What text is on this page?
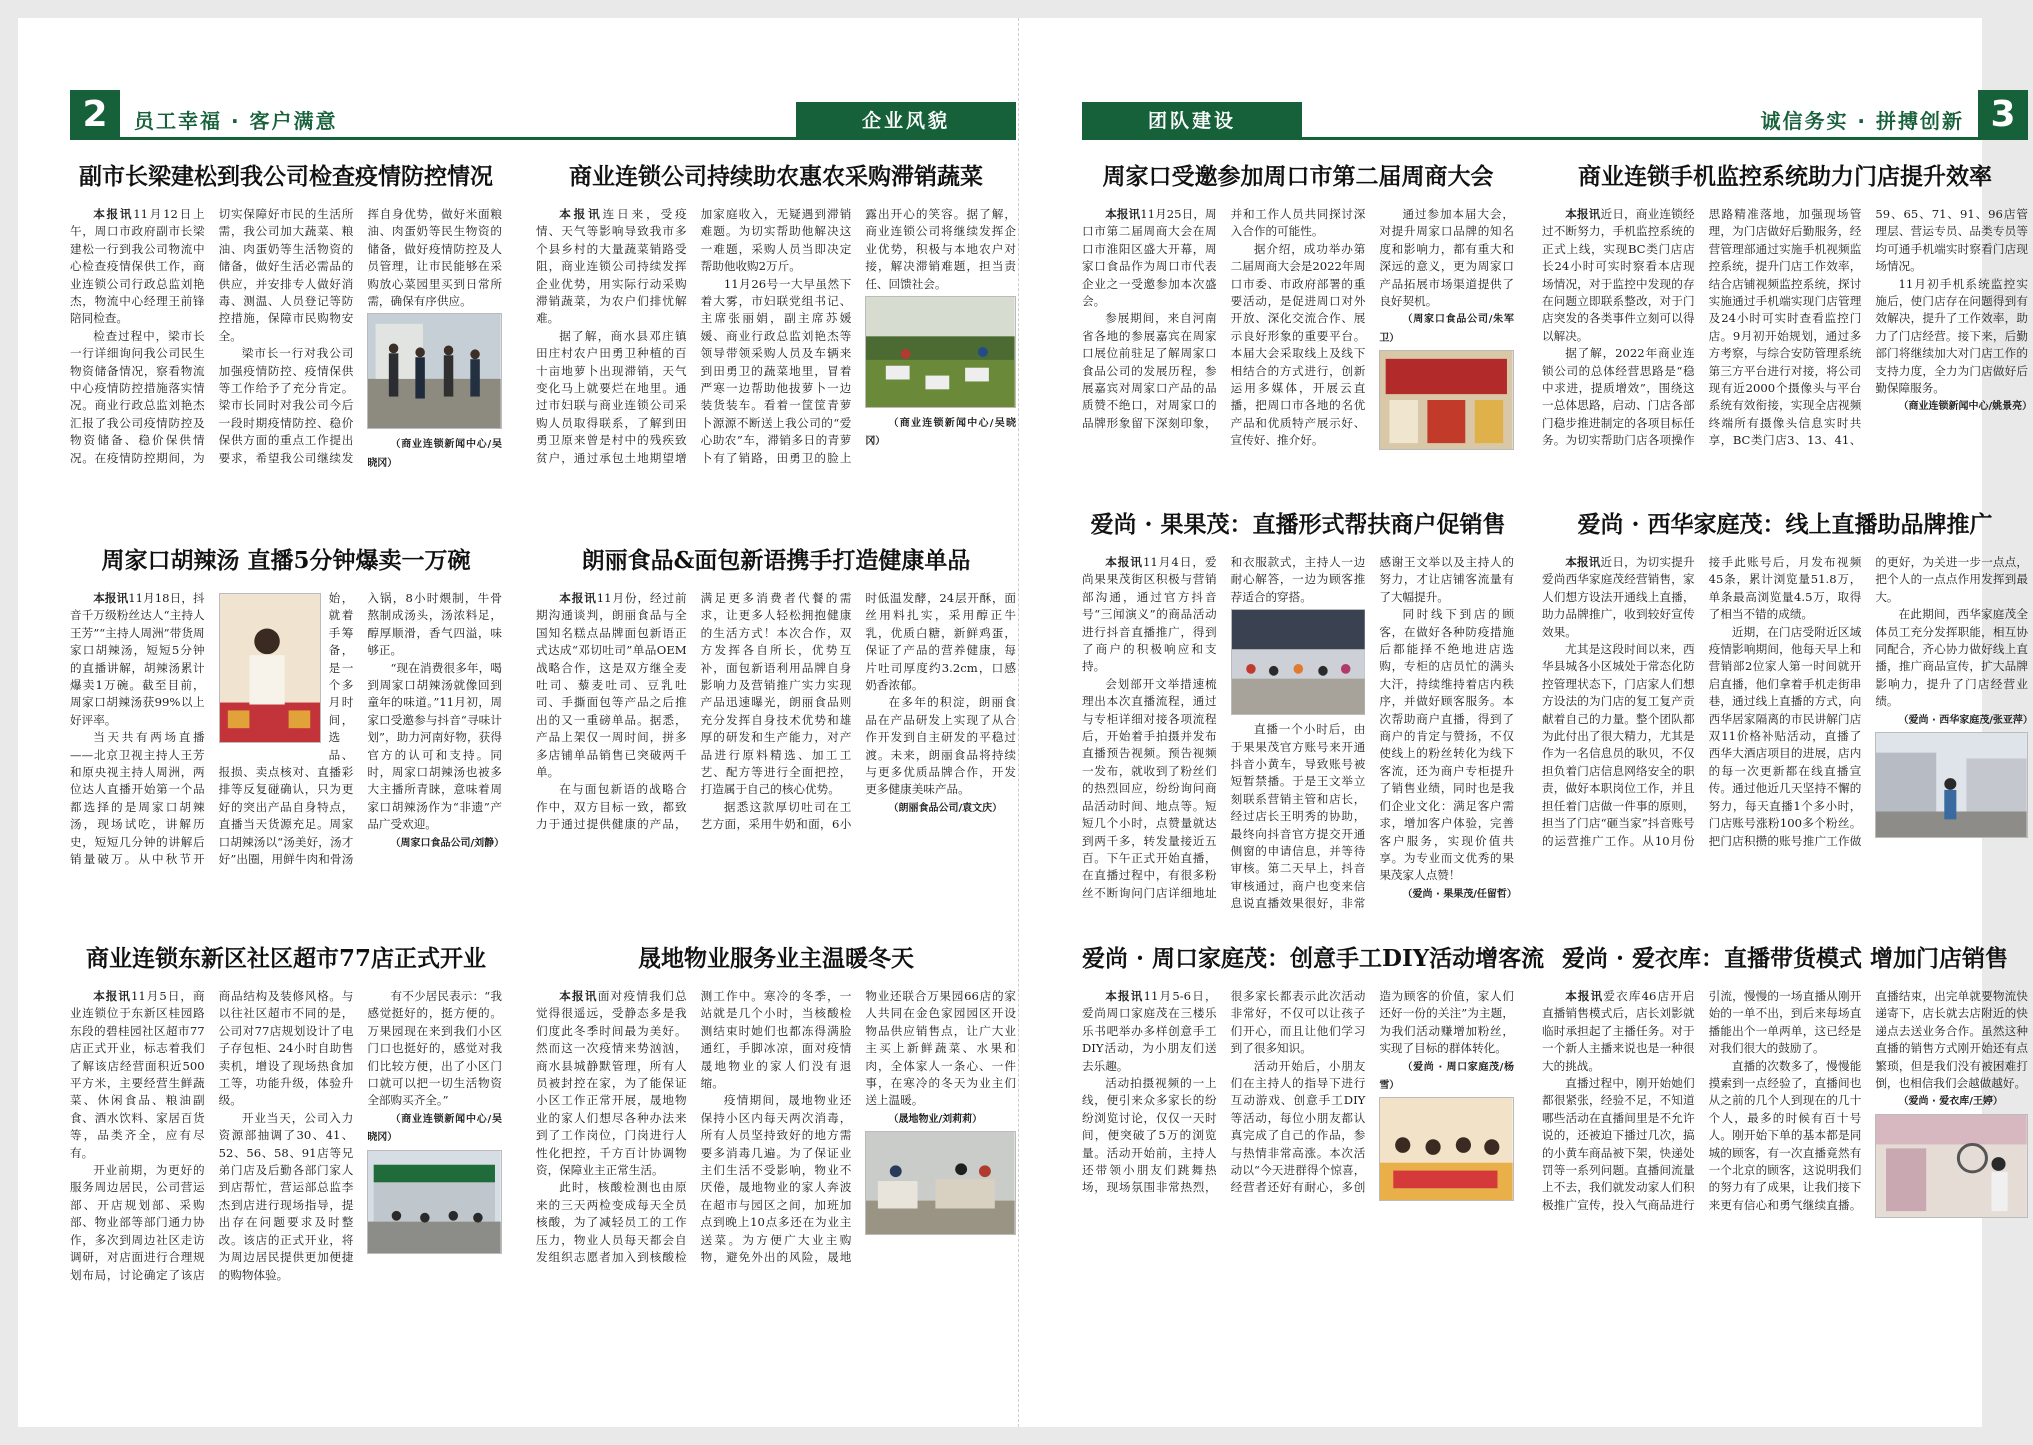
2	员工幸福 · 客户满意	企业风貌
副市长梁建松到我公司检查疫情防控情况

本报讯11月12日上午，周口市政府副市长梁建松一行到我公司物流中心检查疫情保供工作，商业连锁公司行政总监刘艳杰，物流中心经理王前锋陪同检查。

检查过程中，梁市长一行详细询问我公司民生物资储备情况，察看物流中心疫情防控措施落实情况。商业行政总监刘艳杰汇报了我公司疫情防控及物资储备、稳价保供情况。在疫情防控期间，为切实保障好市民的生活所需，我公司加大蔬菜、粮油、肉蛋奶等生活物资的储备，做好生活必需品的供应，并安排专人做好消毒、测温、人员登记等防控措施，保障市民购物安全。

梁市长一行对我公司加强疫情防控、疫情保供等工作给予了充分肯定。梁市长同时对我公司今后一段时期疫情防控、稳价保供方面的重点工作提出要求，希望我公司继续发挥自身优势，做好米面粮油、肉蛋奶等民生物资的储备，做好疫情防控及人员管理，让市民能够在采购放心菜园里买到日常所需，确保有序供应。

（商业连锁新闻中心/吴晓冈）

商业连锁公司持续助农惠农采购滞销蔬菜

本报讯连日来，受疫情、天气等影响导致我市多个县乡村的大量蔬菜销路受阻，商业连锁公司持续发挥企业优势，用实际行动采购滞销蔬菜，为农户们排忧解难。

据了解，商水县邓庄镇田庄村农户田勇卫种植的百十亩地萝卜出现滞销，天气变化马上就要烂在地里。通过市妇联与商业连锁公司采购人员取得联系，了解到田勇卫原来曾是村中的残疾致贫户，通过承包土地期望增加家庭收入，无疑遇到滞销难题。为切实帮助他解决这一难题，采购人员当即决定帮助他收购2万斤。

11月26号一大早虽然下着大雾，市妇联党组书记、主席张丽娟，副主席苏媛媛、商业行政总监刘艳杰等领导带领采购人员及车辆来到田勇卫的蔬菜地里，冒着严寒一边帮助他拔萝卜一边装货装车。看着一筐筐青萝卜源源不断送上我公司的“爱心助农”车，滞销多日的青萝卜有了销路，田勇卫的脸上露出开心的笑容。据了解，商业连锁公司将继续发挥企业优势，积极与本地农户对接，解决滞销难题，担当责任、回馈社会。

（商业连锁新闻中心/吴晓冈）

周家口胡辣汤 直播5分钟爆卖一万碗

本报讯11月18日，抖音千万级粉丝达人“主持人王芳”“主持人周洲”带货周家口胡辣汤，短短5分钟的直播讲解，胡辣汤累计爆卖1万碗。截至目前，周家口胡辣汤获99%以上好评率。

当天共有两场直播——北京卫视主持人王芳和原央视主持人周洲，两位达人直播开始第一个品都选择的是周家口胡辣汤，现场试吃，讲解历史，短短几分钟的讲解后销量破万。从中秋节开始，就着手筹备，是一个多月时间，选品、报损、卖点核对、直播彩排等反复碰确认，只为更好的突出产品自身特点，直播当天货源充足。周家口胡辣汤以“汤美好，汤才好”出圈，用鲜牛肉和骨汤入锅，8小时煨制，牛骨熬制成汤头，汤浓料足，醇厚顺滑，香气四溢，味够正。

“现在消费很多年，喝到周家口胡辣汤就像回到童年的味道。”11月初，周家口受邀参与抖音“寻味计划”，助力河南好物，获得官方的认可和支持。同时，周家口胡辣汤也被多大主播所青睐，意味着周家口胡辣汤作为“非遗”产品广受欢迎。

（周家口食品公司/刘静）

朗丽食品&面包新语携手打造健康单品

本报讯11月份，经过前期沟通谈判，朗丽食品与全国知名糕点品牌面包新语正式达成“邓切吐司”单品OEM战略合作，这是双方继全麦吐司、藜麦吐司、豆乳吐司、手撕面包等产品之后推出的又一重磅单品。据悉，产品上架仅一周时间，拼多多店铺单品销售已突破两千单。

在与面包新语的战略合作中，双方目标一致，都致力于通过提供健康的产品，满足更多消费者代餐的需求，让更多人轻松拥抱健康的生活方式！本次合作，双方发挥各自所长，优势互补，面包新语利用品牌自身影响力及营销推广实力实现产品迅速曝光，朗丽食品则充分发挥自身技术优势和雄厚的研发和生产能力，对产品进行原料精选、加工工艺、配方等进行全面把控，打造属于自己的核心优势。

据悉这款厚切吐司在工艺方面，采用牛奶和面，6小时低温发酵，24层开酥，面丝用料扎实，采用醇正牛乳，优质白糖，新鲜鸡蛋，保证了产品的营养健康，每片吐司厚度约3.2cm，口感奶香浓郁。

在多年的积淀，朗丽食品在产品研发上实现了从合作开发到自主研发的平稳过渡。未来，朗丽食品将持续与更多优质品牌合作，开发更多健康美味产品。

（朗丽食品公司/袁文庆）

商业连锁东新区社区超市77店正式开业

本报讯11月5日，商业连锁位于东新区桂园路东段的碧桂园社区超市77店正式开业，标志着我们了解该店经营面积近500平方米，主要经营生鲜蔬菜、休闲食品、粮油副食、酒水饮料、家居百货等，品类齐全，应有尽有。

开业前期，为更好的服务周边居民，公司营运部、开店规划部、采购部、物业部等部门通力协作，多次到周边社区走访调研，对店面进行合理规划布局，讨论确定了该店商品结构及装修风格。与以往社区超市不同的是，公司对77店规划设计了电子存包柜、24小时自助售卖机，增设了现场热食加工等，功能升级，体验升级。

开业当天，公司入力资源部抽调了30、41、52、56、58、91店等兄弟门店及后勤各部门家人到店帮忙，营运部总监李杰到店进行现场指导，提出存在问题要求及时整改。该店的正式开业，将为周边居民提供更加便捷的购物体验。

有不少居民表示：“我感觉挺好的，挺方便的。万果园现在来到我们小区门口也挺好的，感觉对我们比较方便，出了小区门口就可以把一切生活物资全部购买齐全。”

（商业连锁新闻中心/吴晓冈）

晟地物业服务业主温暖冬天

本报讯面对疫情我们总觉得很遥远，受静态多是我们度此冬季时间最为美好。然而这一次疫情来势汹汹，商水县城静默管理，所有人员被封控在家，为了能保证小区工作正常开展，晟地物业的家人们想尽各种办法来到了工作岗位，门岗进行人性化把控，千方百计协调物资，保障业主正常生活。

此时，核酸检测也由原来的三天两检变成每天全员核酸，为了减轻员工的工作压力，物业人员每天都会自发组织志愿者加入到核酸检测工作中。寒冷的冬季，一站就是几个小时，当核酸检测结束时她们也都冻得满脸通红，手脚冰凉，面对疫情晟地物业的家人们没有退缩。

疫情期间，晟地物业还保持小区内每天两次消毒，所有人员坚持致好的地方需要多消毒几遍。为了保证业主们生活不受影响，物业不厌倦，晟地物业的家人奔波在超市与园区之间，加班加点到晚上10点多还在为业主送菜。为方便广大业主购物，避免外出的风险，晟地物业还联合万果园66店的家人共同在金色家园园区开设物品供应销售点，让广大业主买上新鲜蔬菜、水果和肉，全体家人一条心、一件事，在寒冷的冬天为业主们送上温暖。

（晟地物业/刘莉莉）

团队建设	诚信务实 · 拼搏创新 3
周家口受邀参加周口市第二届周商大会

本报讯11月25日，周口市第二届周商大会在周口市淮阳区盛大开幕，周家口食品作为周口市代表企业之一受邀参加本次盛会。

参展期间，来自河南省各地的参展嘉宾在周家口展位前驻足了解周家口食品公司的发展历程，参展嘉宾对周家口产品的品质赞不绝口，对周家口的品牌形象留下深刻印象，并和工作人员共同探讨深入合作的可能性。

据介绍，成功举办第二届周商大会是2022年周口市委、市政府部署的重要活动，是促进周口对外开放、深化交流合作、展示良好形象的重要平台。本届大会采取线上及线下相结合的方式进行，创新运用多媒体，开展云直播，把周口市各地的名优产品和优质特产展示好、宣传好、推介好。

通过参加本届大会，对提升周家口品牌的知名度和影响力，都有重大和深远的意义，更为周家口产品拓展市场渠道提供了良好契机。

（周家口食品公司/朱军卫）

商业连锁手机监控系统助力门店提升效率

本报讯近日，商业连锁经过不断努力，手机监控系统的正式上线，实现BC类门店店长24小时可实时察看本店现场情况，对于监控中发现的存在问题立即联系整改，对于门店突发的各类事件立刻可以得以解决。

据了解，2022年商业连锁公司的总体经营思路是“稳中求进，提质增效”，围绕这一总体思路，启动、门店各部门稳步推进制定的各项目标任务。为切实帮助门店各项操作思路精准落地，加强现场管理，为门店做好后勤服务，经营管理部通过实施手机视频监控系统，提升门店工作效率，结合店铺视频监控系统，探讨实施通过手机端实现门店管理及24小时可实时查看监控门店。9月初开始规划，通过多方考察，与综合安防管理系统第三方平台进行对接，将公司现有近2000个摄像头与平台系统有效衔接，实现全店视频终端所有摄像头信息实时共享，BC类门店3、13、41、59、65、71、91、96店管理层、营运专员、品类专员等均可通手机端实时察看门店现场情况。

11月初手机系统监控实施后，使门店存在问题得到有效解决，提升了工作效率，助力了门店经营。接下来，后勤部门将继续加大对门店工作的支持力度，全力为门店做好后勤保障服务。

（商业连锁新闻中心/姚景亮）

爱尚 · 果果茂：直播形式帮扶商户促销售

本报讯11月4日，爱尚果果茂街区积极与营销部沟通，通过官方抖音号“三闻演义”的商品活动进行抖音直播推广，得到了商户的积极响应和支持。

会划部开文举措速梳理出本次直播流程，通过与专柜详细对接各项流程后，开始着手拍摄并发布直播预告视频。预告视频一发布，就收到了粉丝们的热烈回应，纷纷询问商品活动时间、地点等。短短几个小时，点赞量就达到两千多，转发量接近五百。下午正式开始直播，在直播过程中，有很多粉丝不断询问门店详细地址和衣服款式，主持人一边耐心解答，一边为顾客推荐适合的穿搭。

直播一个小时后，由于果果茂官方账号来开通抖音小黄车，导致账号被短暂禁播。于是王文举立刻联系营销主管和店长，经过店长王明秀的协助，最终向抖音官方提交开通侧窗的申请信息，并等待审核。第二天早上，抖音审核通过，商户也变来信息说直播效果很好，非常感谢王文举以及主持人的努力，才让店铺客流量有了大幅提升。

同时线下到店的顾客，在做好各种防疫措施后都能择不绝地进店选购，专柜的店员忙的满头大汗，持续维持着店内秩序，并做好顾客服务。本次帮助商户直播，得到了商户的肯定与赞扬，不仅使线上的粉丝转化为线下客流，还为商户专柜提升了销售业绩，同时也是我们企业文化：满足客户需求，增加客户体验，完善客户服务，实现价值共享。为专业而文优秀的果果茂家人点赞！

（爱尚 · 果果茂/任留哲）

爱尚 · 西华家庭茂：线上直播助品牌推广

本报讯近日，为切实提升爱尚西华家庭茂经营销售，家人们想方设法开通线上直播，助力品牌推广，收到较好宣传效果。

尤其是这段时间以来，西华县城各小区城处于常态化防控管理状态下，门店家人们想方设法的为门店的复工复产贡献着自己的力量。整个团队都为此付出了很大精力，尤其是作为一名信息员的耿贝，不仅担负着门店信息网络安全的职责，做好本职岗位工作，并且担任着门店做一件事的原则，担当了门店“砸当家”抖音账号的运营推广工作。从10月份接手此账号后，月发布视频45条，累计浏览量51.8万，单条最高浏览量4.5万，取得了相当不错的成绩。

近期，在门店受附近区域疫情影响期间，他每天早上和营销部2位家人第一时间就开启直播，他们拿着手机走街串巷，通过线上直播的方式，向西华居家隔离的市民讲解门店双11价格补贴活动，直播了西华大酒店项目的进展，店内的每一次更新都在线直播宣传。通过他近几天坚持不懈的努力，每天直播1个多小时，门店账号涨粉100多个粉丝。把门店积攒的账号推广工作做的更好，为关进一步一点点，把个人的一点点作用发挥到最大。

在此期间，西华家庭茂全体员工充分发挥职能，相互协同配合，齐心协力做好线上直播，推广商品宣传，扩大品牌影响力，提升了门店经营业绩。

（爱尚 · 西华家庭茂/张亚萍）

爱尚 · 周口家庭茂：创意手工DIY活动增客流

本报讯11月5-6日，爱尚周口家庭茂在三楼乐乐书吧举办多样创意手工DIY活动，为小朋友们送去乐趣。

活动拍摄视频的一上线，便引来众多家长的纷纷浏览讨论，仅仅一天时间，便突破了5万的浏览量。活动开始前，主持人还带领小朋友们跳舞热场，现场氛围非常热烈，很多家长都表示此次活动非常好，不仅可以让孩子们开心，而且让他们学习到了很多知识。

活动开始后，小朋友们在主持人的指导下进行互动游戏、创意手工DIY等活动，每位小朋友都认真完成了自己的作品，参与热情非常高涨。本次活动以“今天进群得个惊喜，经营者还好有耐心，多创造为顾客的价值，家人们还好一份的关注”为主题，为我们活动赚增加粉丝，实现了目标的群体转化。

（爱尚 · 周口家庭茂/杨雪）

爱尚 · 爱衣库：直播带货模式 增加门店销售

本报讯爱衣库46店开启直播销售模式后，店长刘影就临时承担起了主播任务。对于一个新人主播来说也是一种很大的挑战。

直播过程中，刚开始她们都很紧张，经验不足，不知道哪些活动在直播间里是不允许说的，还被迫下播过几次，搞的小黄车商品被下架，快递处罚等一系列问题。直播间流量上不去，我们就发动家人们积极推广宣传，投入气商品进行引流，慢慢的一场直播从刚开始的一单不出，到后来每场直播能出个一单两单，这已经是对我们很大的鼓励了。

直播的次数多了，慢慢能摸索到一点经验了，直播间也从之前的几个人到现在的几十个人，最多的时候有百十号人。刚开始下单的基本都是同城的顾客，有一次直播竟然有一个北京的顾客，这说明我们的努力有了成果，让我们接下来更有信心和勇气继续直播。直播结束，出完单就要物流快递寄下，店长就去店附近的快递点去送业务合作。虽然这种直播的销售方式刚开始还有点繁琐，但是我们没有被困难打倒，也相信我们会越做越好。

（爱尚 · 爱衣库/王婷）
